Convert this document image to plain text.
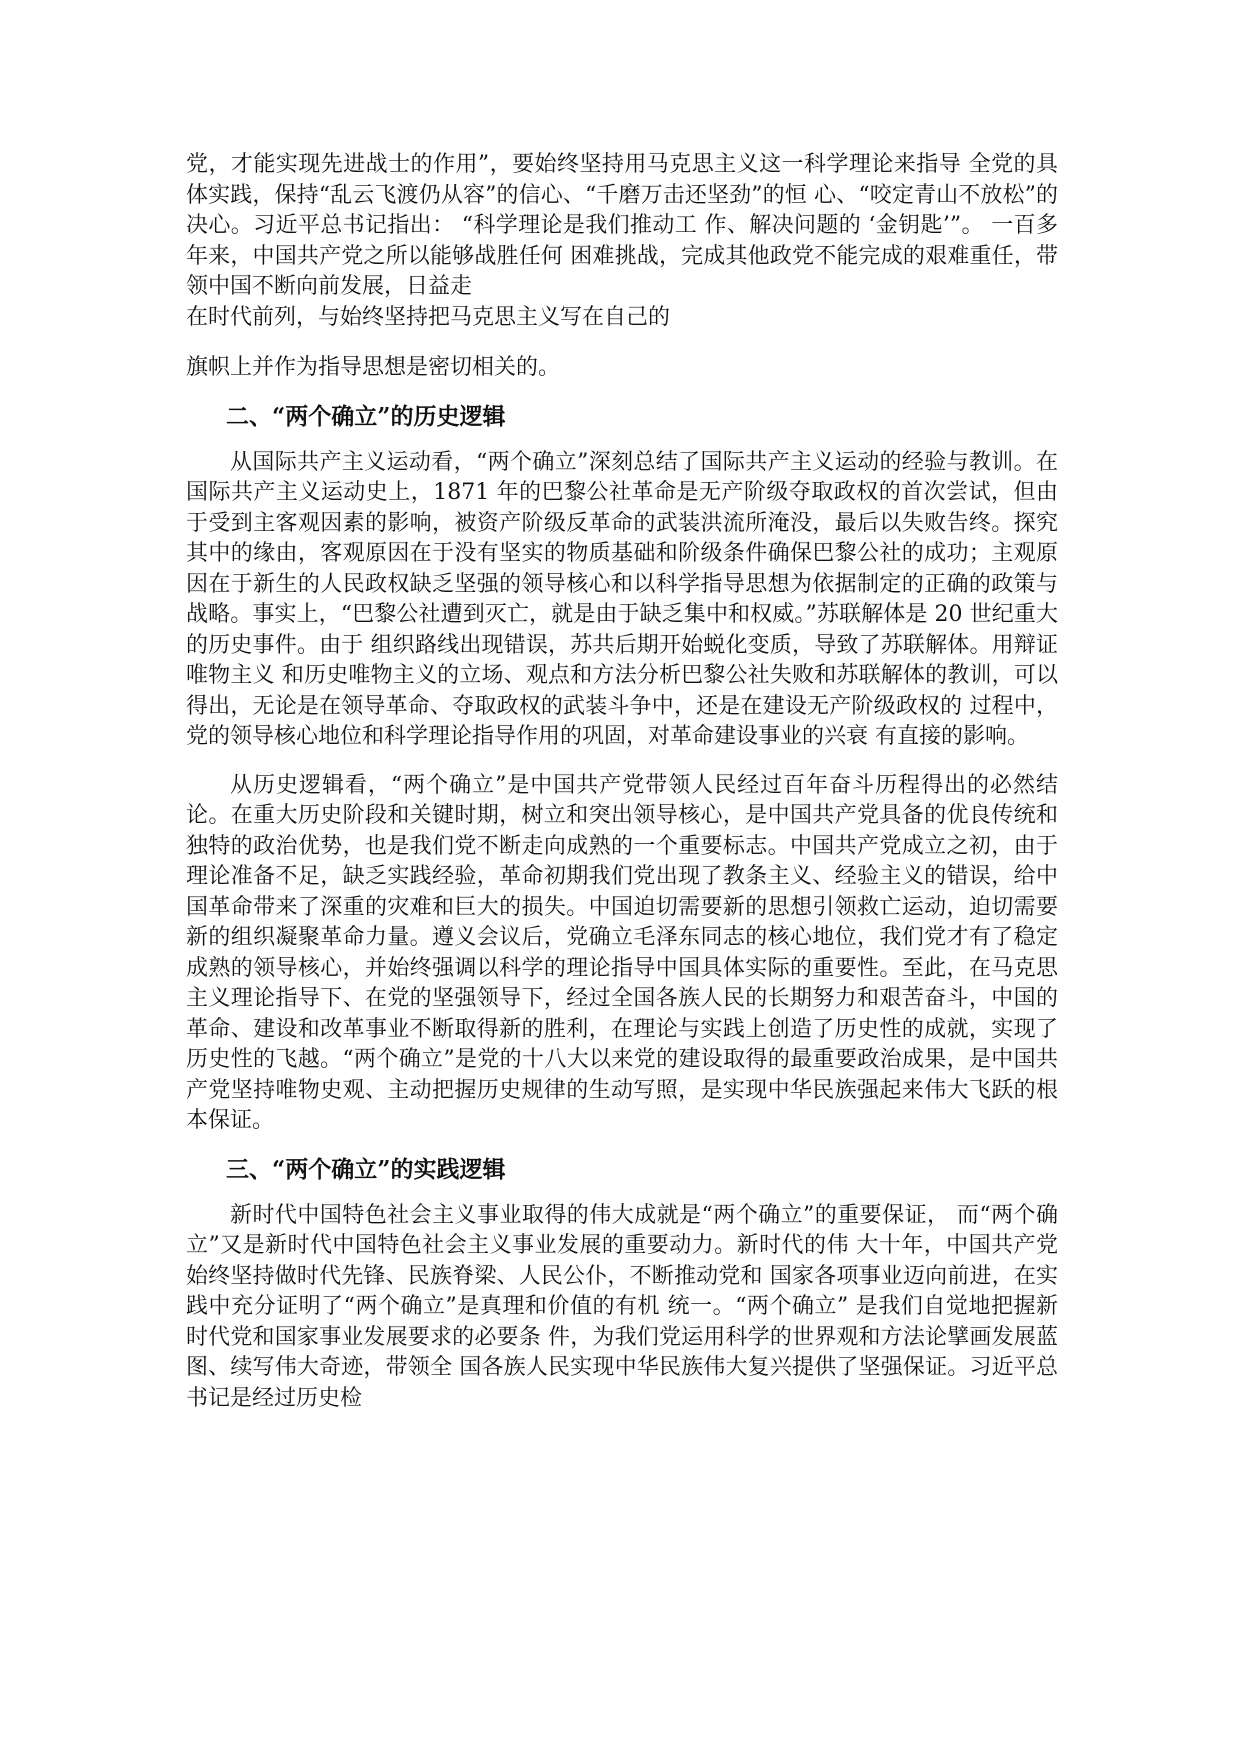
党，才能实现先进战士的作用”，要始终坚持用马克思主义这一科学理论来指导 全党的具体实践，保持“乱云飞渡仍从容”的信心、“千磨万击还坚劲”的恒 心、“咬定青山不放松”的决心。习近平总书记指出： “科学理论是我们推动工 作、解决问题的 ‘金钥匙’”。 一百多年来，中国共产党之所以能够战胜任何 困难挑战，完成其他政党不能完成的艰难重任，带领中国不断向前发展，日益走
在时代前列，与始终坚持把马克思主义写在自己的

旗帜上并作为指导思想是密切相关的。

二、“两个确立”的历史逻辑

从国际共产主义运动看，“两个确立”深刻总结了国际共产主义运动的经验与教训。在国际共产主义运动史上，1871 年的巴黎公社革命是无产阶级夺取政权的首次尝试，但由于受到主客观因素的影响，被资产阶级反革命的武装洪流所淹没，最后以失败告终。探究其中的缘由，客观原因在于没有坚实的物质基础和阶级条件确保巴黎公社的成功；主观原因在于新生的人民政权缺乏坚强的领导核心和以科学指导思想为依据制定的正确的政策与战略。事实上，“巴黎公社遭到灭亡，就是由于缺乏集中和权威。”苏联解体是 20 世纪重大的历史事件。由于 组织路线出现错误，苏共后期开始蜕化变质，导致了苏联解体。用辩证唯物主义 和历史唯物主义的立场、观点和方法分析巴黎公社失败和苏联解体的教训，可以 得出，无论是在领导革命、夺取政权的武装斗争中，还是在建设无产阶级政权的 过程中，党的领导核心地位和科学理论指导作用的巩固，对革命建设事业的兴衰 有直接的影响。

从历史逻辑看，“两个确立”是中国共产党带领人民经过百年奋斗历程得出的必然结论。在重大历史阶段和关键时期，树立和突出领导核心，是中国共产党具备的优良传统和独特的政治优势，也是我们党不断走向成熟的一个重要标志。中国共产党成立之初，由于理论准备不足，缺乏实践经验，革命初期我们党出现了教条主义、经验主义的错误，给中国革命带来了深重的灾难和巨大的损失。中国迫切需要新的思想引领救亡运动，迫切需要新的组织凝聚革命力量。遵义会议后，党确立毛泽东同志的核心地位，我们党才有了稳定成熟的领导核心，并始终强调以科学的理论指导中国具体实际的重要性。至此，在马克思主义理论指导下、在党的坚强领导下，经过全国各族人民的长期努力和艰苦奋斗，中国的革命、建设和改革事业不断取得新的胜利，在理论与实践上创造了历史性的成就，实现了历史性的飞越。“两个确立”是党的十八大以来党的建设取得的最重要政治成果，是中国共产党坚持唯物史观、主动把握历史规律的生动写照，是实现中华民族强起来伟大飞跃的根本保证。

三、“两个确立”的实践逻辑

新时代中国特色社会主义事业取得的伟大成就是“两个确立”的重要保证， 而“两个确立”又是新时代中国特色社会主义事业发展的重要动力。新时代的伟 大十年，中国共产党始终坚持做时代先锋、民族脊梁、人民公仆，不断推动党和 国家各项事业迈向前进，在实践中充分证明了“两个确立”是真理和价值的有机 统一。“两个确立” 是我们自觉地把握新时代党和国家事业发展要求的必要条 件，为我们党运用科学的世界观和方法论擘画发展蓝图、续写伟大奇迹，带领全 国各族人民实现中华民族伟大复兴提供了坚强保证。习近平总书记是经过历史检
